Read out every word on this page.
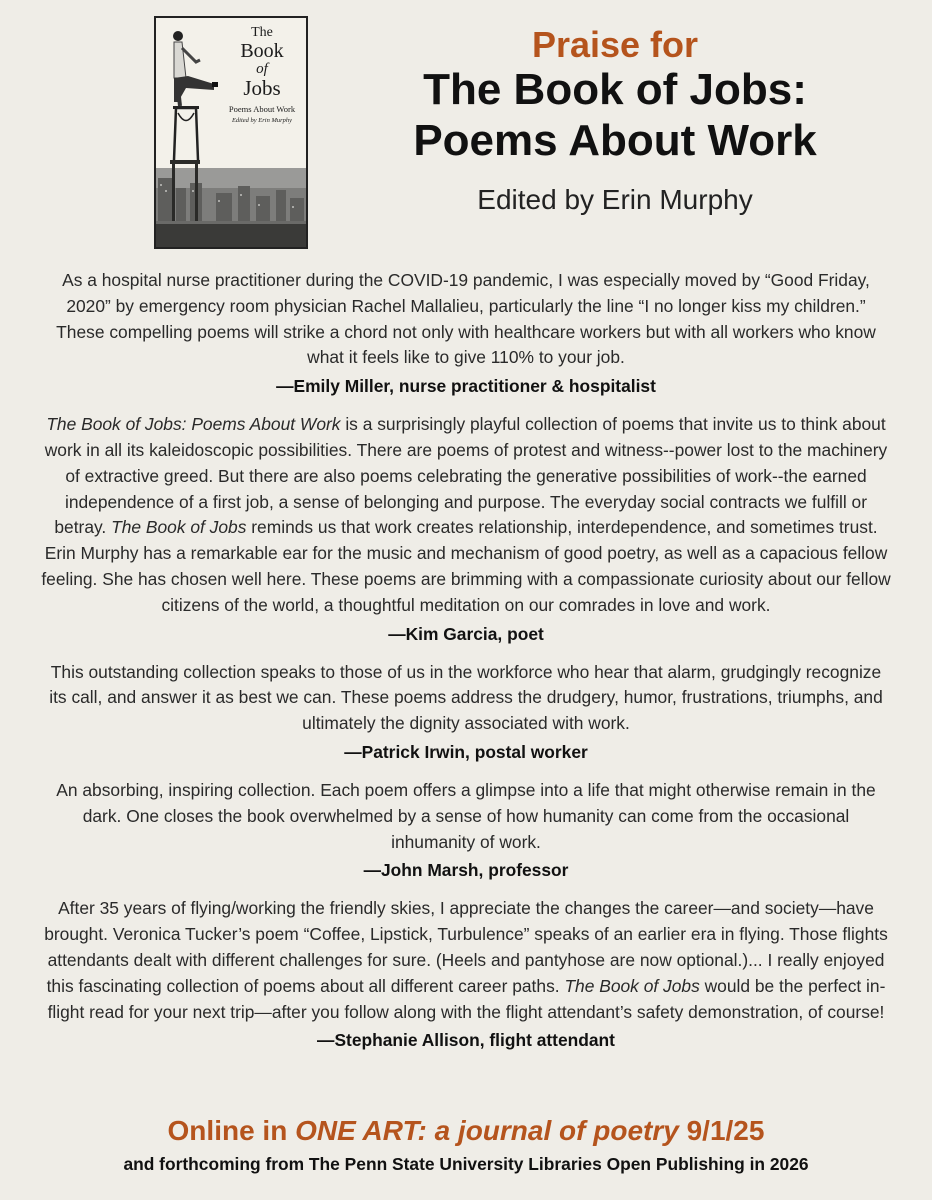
The
Book
of
Jobs
Poems About Work
Edited by Erin Murphy
Praise for
The Book of Jobs:
Poems About Work
Edited by Erin Murphy

As a hospital nurse practitioner during the COVID-19 pandemic, I was especially moved by “Good Friday, 2020” by emergency room physician Rachel Mallalieu, particularly the line “I no longer kiss my children.” These compelling poems will strike a chord not only with healthcare workers but with all workers who know what it feels like to give 110% to your job.

—Emily Miller, nurse practitioner & hospitalist

The Book of Jobs: Poems About Work is a surprisingly playful collection of poems that invite us to think about work in all its kaleidoscopic possibilities. There are poems of protest and witness--power lost to the machinery of extractive greed. But there are also poems celebrating the generative possibilities of work--the earned independence of a first job, a sense of belonging and purpose. The everyday social contracts we fulfill or betray. The Book of Jobs reminds us that work creates relationship, interdependence, and sometimes trust. Erin Murphy has a remarkable ear for the music and mechanism of good poetry, as well as a capacious fellow feeling. She has chosen well here. These poems are brimming with a compassionate curiosity about our fellow citizens of the world, a thoughtful meditation on our comrades in love and work.

—Kim Garcia, poet

This outstanding collection speaks to those of us in the workforce who hear that alarm, grudgingly recognize its call, and answer it as best we can. These poems address the drudgery, humor, frustrations, triumphs, and ultimately the dignity associated with work.

—Patrick Irwin, postal worker

An absorbing, inspiring collection. Each poem offers a glimpse into a life that might otherwise remain in the dark. One closes the book overwhelmed by a sense of how humanity can come from the occasional inhumanity of work.

—John Marsh, professor

After 35 years of flying/working the friendly skies, I appreciate the changes the career—and society—have brought. Veronica Tucker’s poem “Coffee, Lipstick, Turbulence” speaks of an earlier era in flying. Those flights attendants dealt with different challenges for sure. (Heels and pantyhose are now optional.)... I really enjoyed this fascinating collection of poems about all different career paths. The Book of Jobs would be the perfect in-flight read for your next trip—after you follow along with the flight attendant’s safety demonstration, of course!

—Stephanie Allison, flight attendant
Online in ONE ART: a journal of poetry 9/1/25
and forthcoming from The Penn State University Libraries Open Publishing in 2026
